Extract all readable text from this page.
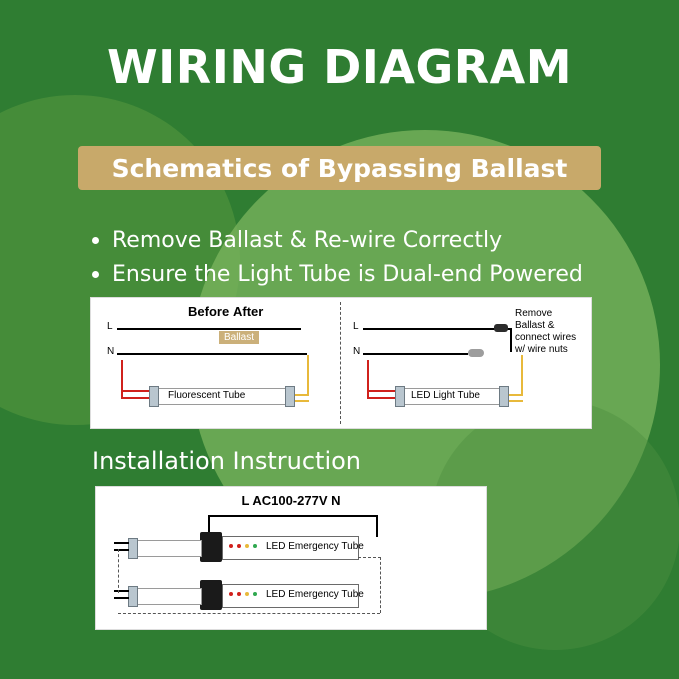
WIRING DIAGRAM
Schematics of Bypassing Ballast
Remove Ballast & Re-wire Correctly
Ensure the Light Tube is Dual-end Powered
Before After
L
N
Ballast
Fluorescent Tube
L
N
LED Light Tube
Remove
Ballast &
connect wires
w/ wire nuts
Installation Instruction
L AC100-277V N
LED Emergency Tube
LED Emergency Tube
